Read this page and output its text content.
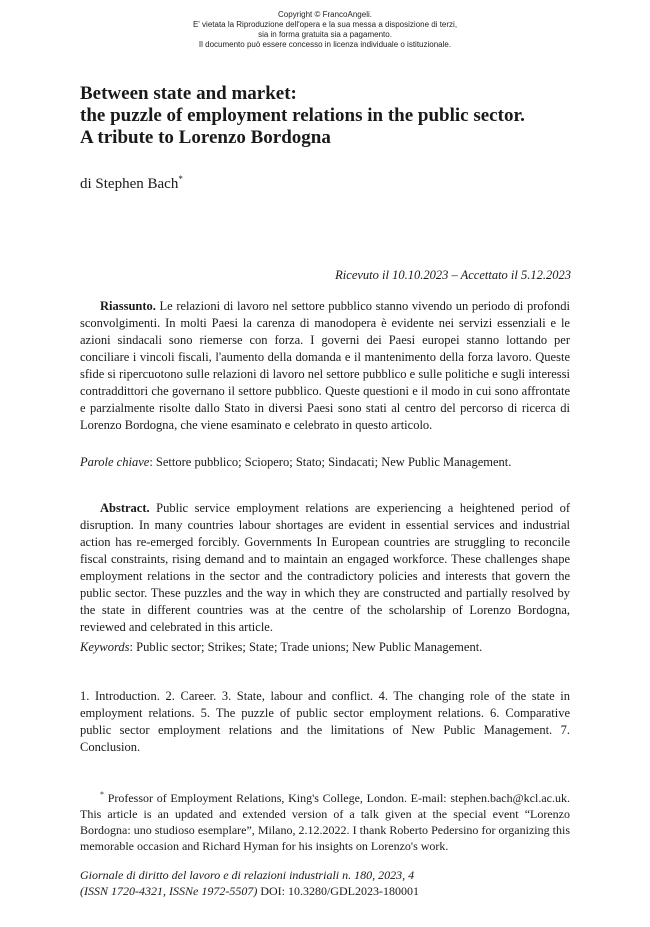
Copyright © FrancoAngeli.
E' vietata la Riproduzione dell'opera e la sua messa a disposizione di terzi,
sia in forma gratuita sia a pagamento.
Il documento può essere concesso in licenza individuale o istituzionale.
Between state and market:
the puzzle of employment relations in the public sector.
A tribute to Lorenzo Bordogna
di Stephen Bach*
Ricevuto il 10.10.2023 – Accettato il 5.12.2023

Riassunto. Le relazioni di lavoro nel settore pubblico stanno vivendo un periodo di profondi sconvolgimenti. In molti Paesi la carenza di manodopera è evidente nei servizi essenziali e le azioni sindacali sono riemerse con forza. I governi dei Paesi europei stanno lottando per conciliare i vincoli fiscali, l'aumento della domanda e il mantenimento della forza lavoro. Queste sfide si ripercuotono sulle relazioni di lavoro nel settore pubblico e sulle politiche e sugli interessi contraddittori che governano il settore pubblico. Queste questioni e il modo in cui sono affrontate e parzialmente risolte dallo Stato in diversi Paesi sono stati al centro del percorso di ricerca di Lorenzo Bordogna, che viene esaminato e celebrato in questo articolo.

Parole chiave: Settore pubblico; Sciopero; Stato; Sindacati; New Public Management.

Abstract. Public service employment relations are experiencing a heightened period of disruption. In many countries labour shortages are evident in essential services and industrial action has re-emerged forcibly. Governments In European countries are struggling to reconcile fiscal constraints, rising demand and to maintain an engaged workforce. These challenges shape employment relations in the sector and the contradictory policies and interests that govern the public sector. These puzzles and the way in which they are constructed and partially resolved by the state in different countries was at the centre of the scholarship of Lorenzo Bordogna, reviewed and celebrated in this article.

Keywords: Public sector; Strikes; State; Trade unions; New Public Management.

1. Introduction. 2. Career. 3. State, labour and conflict. 4. The changing role of the state in employment relations. 5. The puzzle of public sector employment relations. 6. Comparative public sector employment relations and the limitations of New Public Management. 7. Conclusion.

* Professor of Employment Relations, King's College, London. E-mail: stephen.bach@kcl.ac.uk. This article is an updated and extended version of a talk given at the special event “Lorenzo Bordogna: uno studioso esemplare”, Milano, 2.12.2022. I thank Roberto Pedersino for organizing this memorable occasion and Richard Hyman for his insights on Lorenzo's work.

Giornale di diritto del lavoro e di relazioni industriali n. 180, 2023, 4
(ISSN 1720-4321, ISSNe 1972-5507) DOI: 10.3280/GDL2023-180001
